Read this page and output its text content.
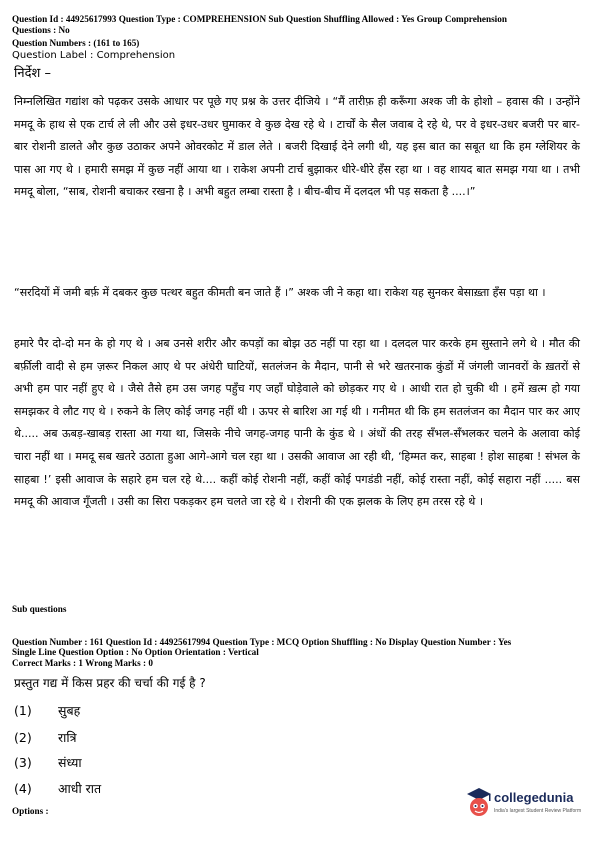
Question Id : 44925617993 Question Type : COMPREHENSION Sub Question Shuffling Allowed : Yes Group Comprehension
Questions : No
Question Numbers : (161 to 165)
Question Label : Comprehension
निर्देश –
निम्नलिखित गद्यांश को पढ़कर उसके आधार पर पूछे गए प्रश्न के उत्तर दीजिये । “मैं तारीफ़ ही करूँगा अश्क जी के होशो – हवास की । उन्होंने ममदू के हाथ से एक टार्च ले ली और उसे इधर-उधर घुमाकर वे कुछ देख रहे थे । टार्चों के सैल जवाब दे रहे थे, पर वे इधर-उधर बजरी पर बार-बार रोशनी डालते और कुछ उठाकर अपने ओवरकोट में डाल लेते । बजरी दिखाई देने लगी थी, यह इस बात का सबूत था कि हम ग्लेशियर के पास आ गए थे । हमारी समझ में कुछ नहीं आया था । राकेश अपनी टार्च बुझाकर धीरे-धीरे हँस रहा था । वह शायद बात समझ गया था । तभी ममदू बोला, “साब, रोशनी बचाकर रखना है । अभी बहुत लम्बा रास्ता है । बीच-बीच में दलदल भी पड़ सकता है ....।”
“सरदियों में जमी बर्फ़ में दबकर कुछ पत्थर बहुत कीमती बन जाते हैं ।” अश्क जी ने कहा था। राकेश यह सुनकर बेसाख़्ता हँस पड़ा था ।
हमारे पैर दो-दो मन के हो गए थे । अब उनसे शरीर और कपड़ों का बोझ उठ नहीं पा रहा था । दलदल पार करके हम सुस्ताने लगे थे । मौत की बर्फ़ीली वादी से हम ज़रूर निकल आए थे पर अंधेरी घाटियों, सतलंजन के मैदान, पानी से भरे खतरनाक कुंडों में जंगली जानवरों के ख़तरों से अभी हम पार नहीं हुए थे । जैसे तैसे हम उस जगह पहुँच गए जहाँ घोड़ेवाले को छोड़कर गए थे । आधी रात हो चुकी थी । हमें ख़त्म हो गया समझकर वे लौट गए थे । रुकने के लिए कोई जगह नहीं थी । ऊपर से बारिश आ गई थी । गनीमत थी कि हम सतलंजन का मैदान पार कर आए थे..... अब ऊबड़-खाबड़ रास्ता आ गया था, जिसके नीचे जगह-जगह पानी के कुंड थे । अंधों की तरह सँभल-सँभलकर चलने के अलावा कोई चारा नहीं था । ममदू सब खतरे उठाता हुआ आगे-आगे चल रहा था । उसकी आवाज आ रही थी, ‘हिम्मत कर, साहबा ! होश साहबा ! संभल के साहबा !’ इसी आवाज के सहारे हम चल रहे थे.... कहीं कोई रोशनी नहीं, कहीं कोई पगडंडी नहीं, कोई रास्ता नहीं, कोई सहारा नहीं ..... बस ममदू की आवाज गूँजती । उसी का सिरा पकड़कर हम चलते जा रहे थे । रोशनी की एक झलक के लिए हम तरस रहे थे ।
Sub questions
Question Number : 161 Question Id : 44925617994 Question Type : MCQ Option Shuffling : No Display Question Number : Yes
Single Line Question Option : No Option Orientation : Vertical
Correct Marks : 1 Wrong Marks : 0
प्रस्तुत गद्य में किस प्रहर की चर्चा की गई है ?
(1) सुबह
(2) रात्रि
(3) संध्या
(4) आधी रात
Options :
collegedunia
India's largest Student Review Platform
